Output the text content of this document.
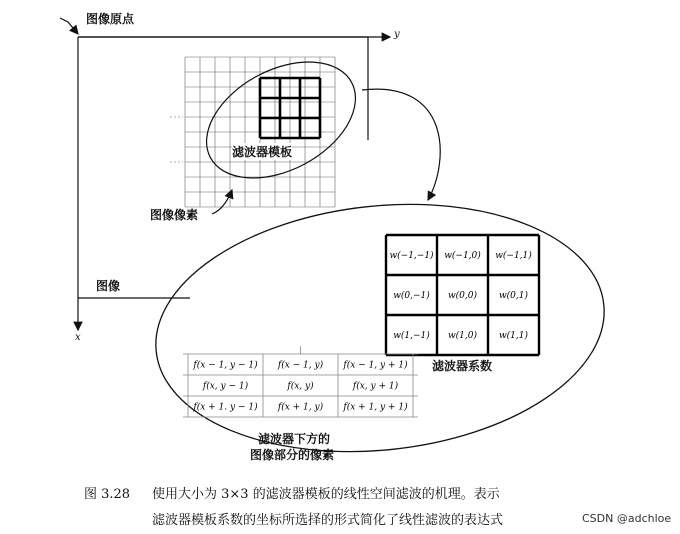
w(−1,−1) w(−1,0) w(−1,1)
w(0,−1) w(0,0) w(0,1)
w(1,−1) w(1,0) w(1,1)
f(x − 1, y − 1) f(x − 1, y) f(x − 1, y + 1)
f(x, y − 1)	f(x, y)	f(x, y + 1)
f(x + 1. y − 1) f(x + 1, y) f(x + 1, y + 1)
图像原点
y
x
滤波器模板
图像像素
图像
滤波器系数
滤波器下方的
图像部分的像素
图 3.28 使用大小为 3×3 的滤波器模板的线性空间滤波的机理。表示
滤波器模板系数的坐标所选择的形式简化了线性滤波的表达式	CSDN @adchloe
